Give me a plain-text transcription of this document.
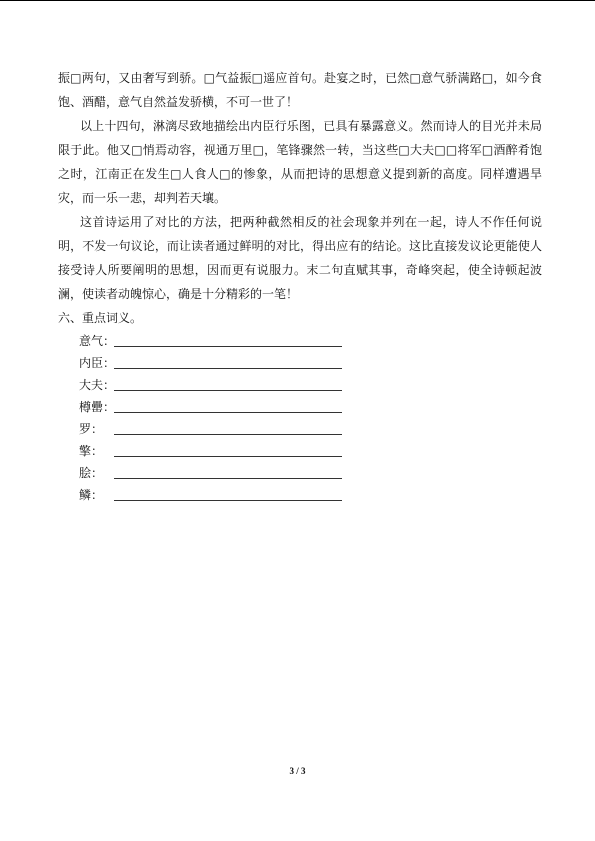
振□两句，又由奢写到骄。□气益振□遥应首句。赴宴之时，已然□意气骄满路□，如今食饱、酒醋，意气自然益发骄横，不可一世了！

以上十四句，淋漓尽致地描绘出内臣行乐图，已具有暴露意义。然而诗人的目光并未局限于此。他又□悄焉动容，视通万里□，笔锋骤然一转，当这些□大夫□□将军□酒醉肴饱之时，江南正在发生□人食人□的惨象，从而把诗的思想意义提到新的高度。同样遭遇旱灾，而一乐一悲，却判若天壤。

这首诗运用了对比的方法，把两种截然相反的社会现象并列在一起，诗人不作任何说明，不发一句议论，而让读者通过鲜明的对比，得出应有的结论。这比直接发议论更能使人接受诗人所要阐明的思想，因而更有说服力。末二句直赋其事，奇峰突起，使全诗顿起波澜，使读者动魄惊心，确是十分精彩的一笔！

六、重点词义。

意气：
内臣：
大夫：
樽罍：
罗：
擎：
脍：
鳞：
3 / 3
